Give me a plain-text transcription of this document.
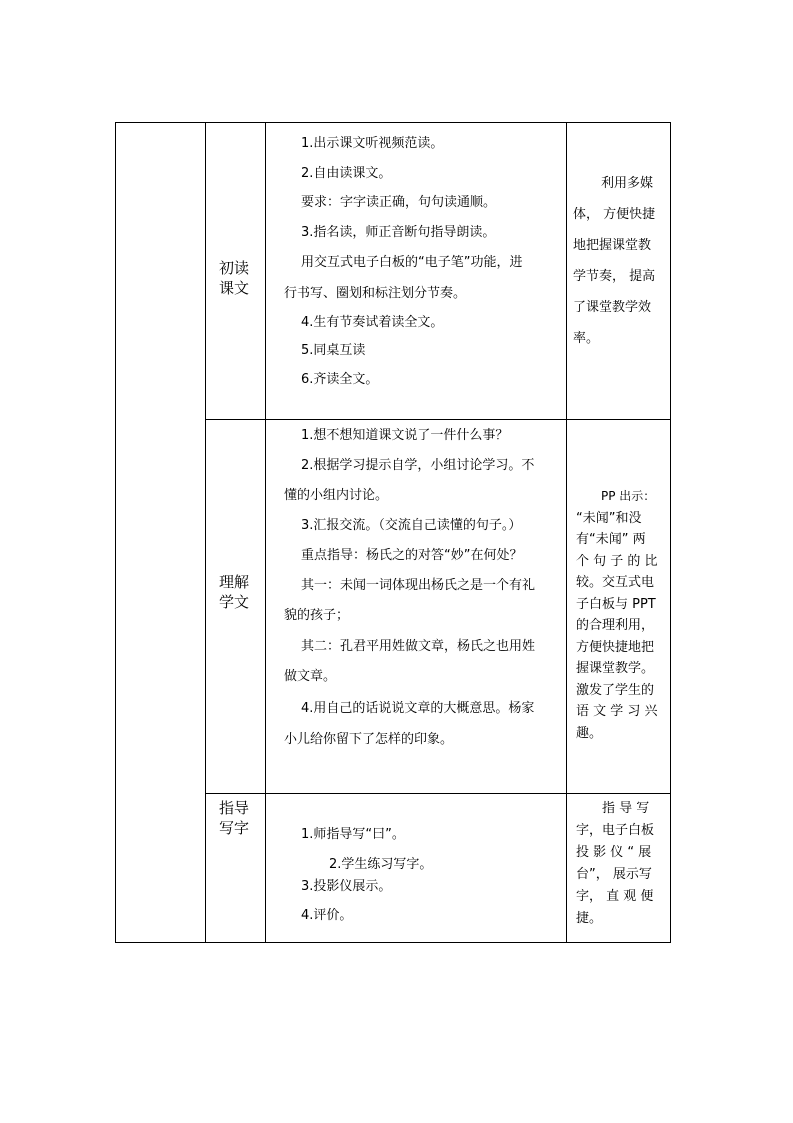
初读
课文
1.出示课文听视频范读。
2.自由读课文。
要求：字字读正确，句句读通顺。
3.指名读，师正音断句指导朗读。
用交互式电子白板的“电子笔”功能，进
行书写、圈划和标注划分节奏。
4.生有节奏试着读全文。
5.同桌互读
6.齐读全文。
利用多媒
体， 方便快捷
地把握课堂教
学节奏， 提高
了课堂教学效
率。
理解
学文
1.想不想知道课文说了一件什么事？
2.根据学习提示自学，小组讨论学习。不
懂的小组内讨论。
3.汇报交流。（交流自己读懂的句子。）
重点指导：杨氏之的对答“妙”在何处？
其一：未闻一词体现出杨氏之是一个有礼
貌的孩子；
其二：孔君平用姓做文章，杨氏之也用姓
做文章。
4.用自己的话说说文章的大概意思。杨家
小儿给你留下了怎样的印象。
PP 出示：
“未闻”和没
有“未闻” 两
个 句 子 的 比
较。交互式电
子白板与 PPT
的合理利用，
方便快捷地把
握课堂教学。
激发了学生的
语 文 学 习 兴
趣。
指导
写字	1.师指导写“曰”。
2.学生练习写字。
3.投影仪展示。
4.评价。
指 导 写
字，电子白板
投 影 仪 “ 展
台”， 展示写
字， 直 观 便
捷。
